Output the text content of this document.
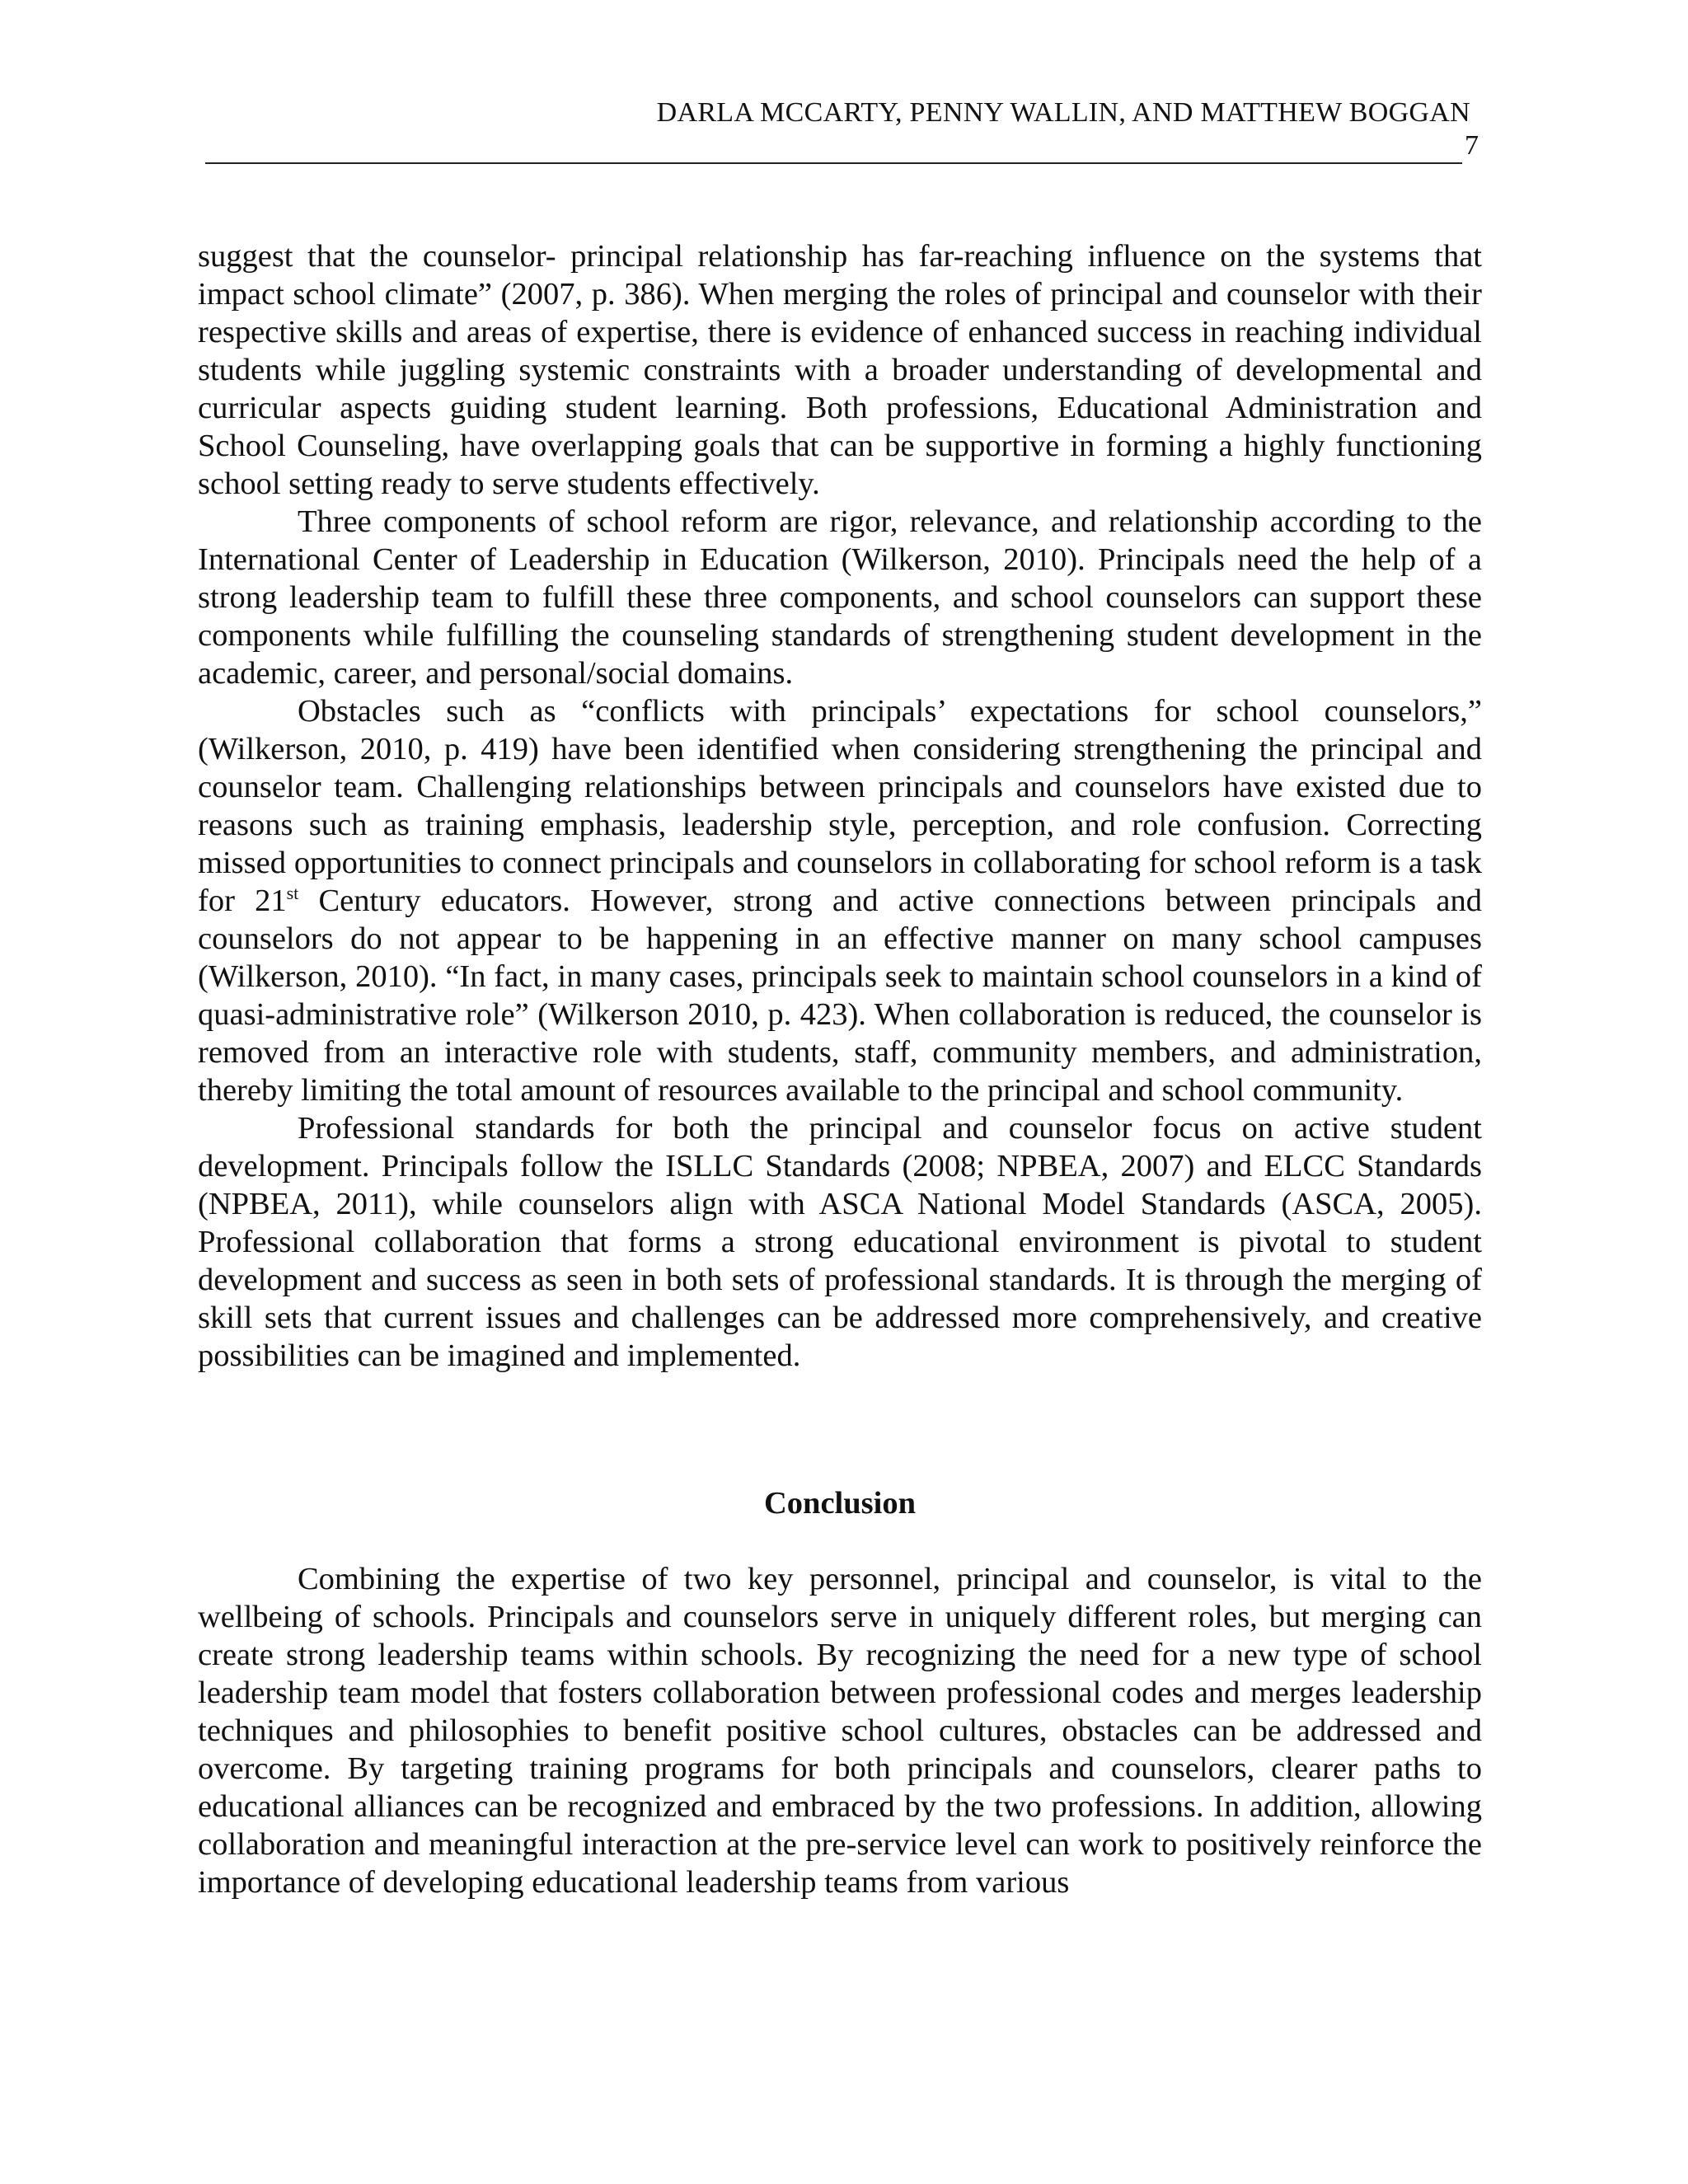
DARLA MCCARTY, PENNY WALLIN, AND MATTHEW BOGGAN
7

suggest that the counselor- principal relationship has far-reaching influence on the systems that impact school climate” (2007, p. 386). When merging the roles of principal and counselor with their respective skills and areas of expertise, there is evidence of enhanced success in reaching individual students while juggling systemic constraints with a broader understanding of developmental and curricular aspects guiding student learning. Both professions, Educational Administration and School Counseling, have overlapping goals that can be supportive in forming a highly functioning school setting ready to serve students effectively.

Three components of school reform are rigor, relevance, and relationship according to the International Center of Leadership in Education (Wilkerson, 2010). Principals need the help of a strong leadership team to fulfill these three components, and school counselors can support these components while fulfilling the counseling standards of strengthening student development in the academic, career, and personal/social domains.

Obstacles such as “conflicts with principals’ expectations for school counselors,” (Wilkerson, 2010, p. 419) have been identified when considering strengthening the principal and counselor team. Challenging relationships between principals and counselors have existed due to reasons such as training emphasis, leadership style, perception, and role confusion. Correcting missed opportunities to connect principals and counselors in collaborating for school reform is a task for 21st Century educators. However, strong and active connections between principals and counselors do not appear to be happening in an effective manner on many school campuses (Wilkerson, 2010). “In fact, in many cases, principals seek to maintain school counselors in a kind of quasi-administrative role” (Wilkerson 2010, p. 423). When collaboration is reduced, the counselor is removed from an interactive role with students, staff, community members, and administration, thereby limiting the total amount of resources available to the principal and school community.

Professional standards for both the principal and counselor focus on active student development. Principals follow the ISLLC Standards (2008; NPBEA, 2007) and ELCC Standards (NPBEA, 2011), while counselors align with ASCA National Model Standards (ASCA, 2005). Professional collaboration that forms a strong educational environment is pivotal to student development and success as seen in both sets of professional standards. It is through the merging of skill sets that current issues and challenges can be addressed more comprehensively, and creative possibilities can be imagined and implemented.

Conclusion

Combining the expertise of two key personnel, principal and counselor, is vital to the wellbeing of schools. Principals and counselors serve in uniquely different roles, but merging can create strong leadership teams within schools. By recognizing the need for a new type of school leadership team model that fosters collaboration between professional codes and merges leadership techniques and philosophies to benefit positive school cultures, obstacles can be addressed and overcome. By targeting training programs for both principals and counselors, clearer paths to educational alliances can be recognized and embraced by the two professions. In addition, allowing collaboration and meaningful interaction at the pre-service level can work to positively reinforce the importance of developing educational leadership teams from various
